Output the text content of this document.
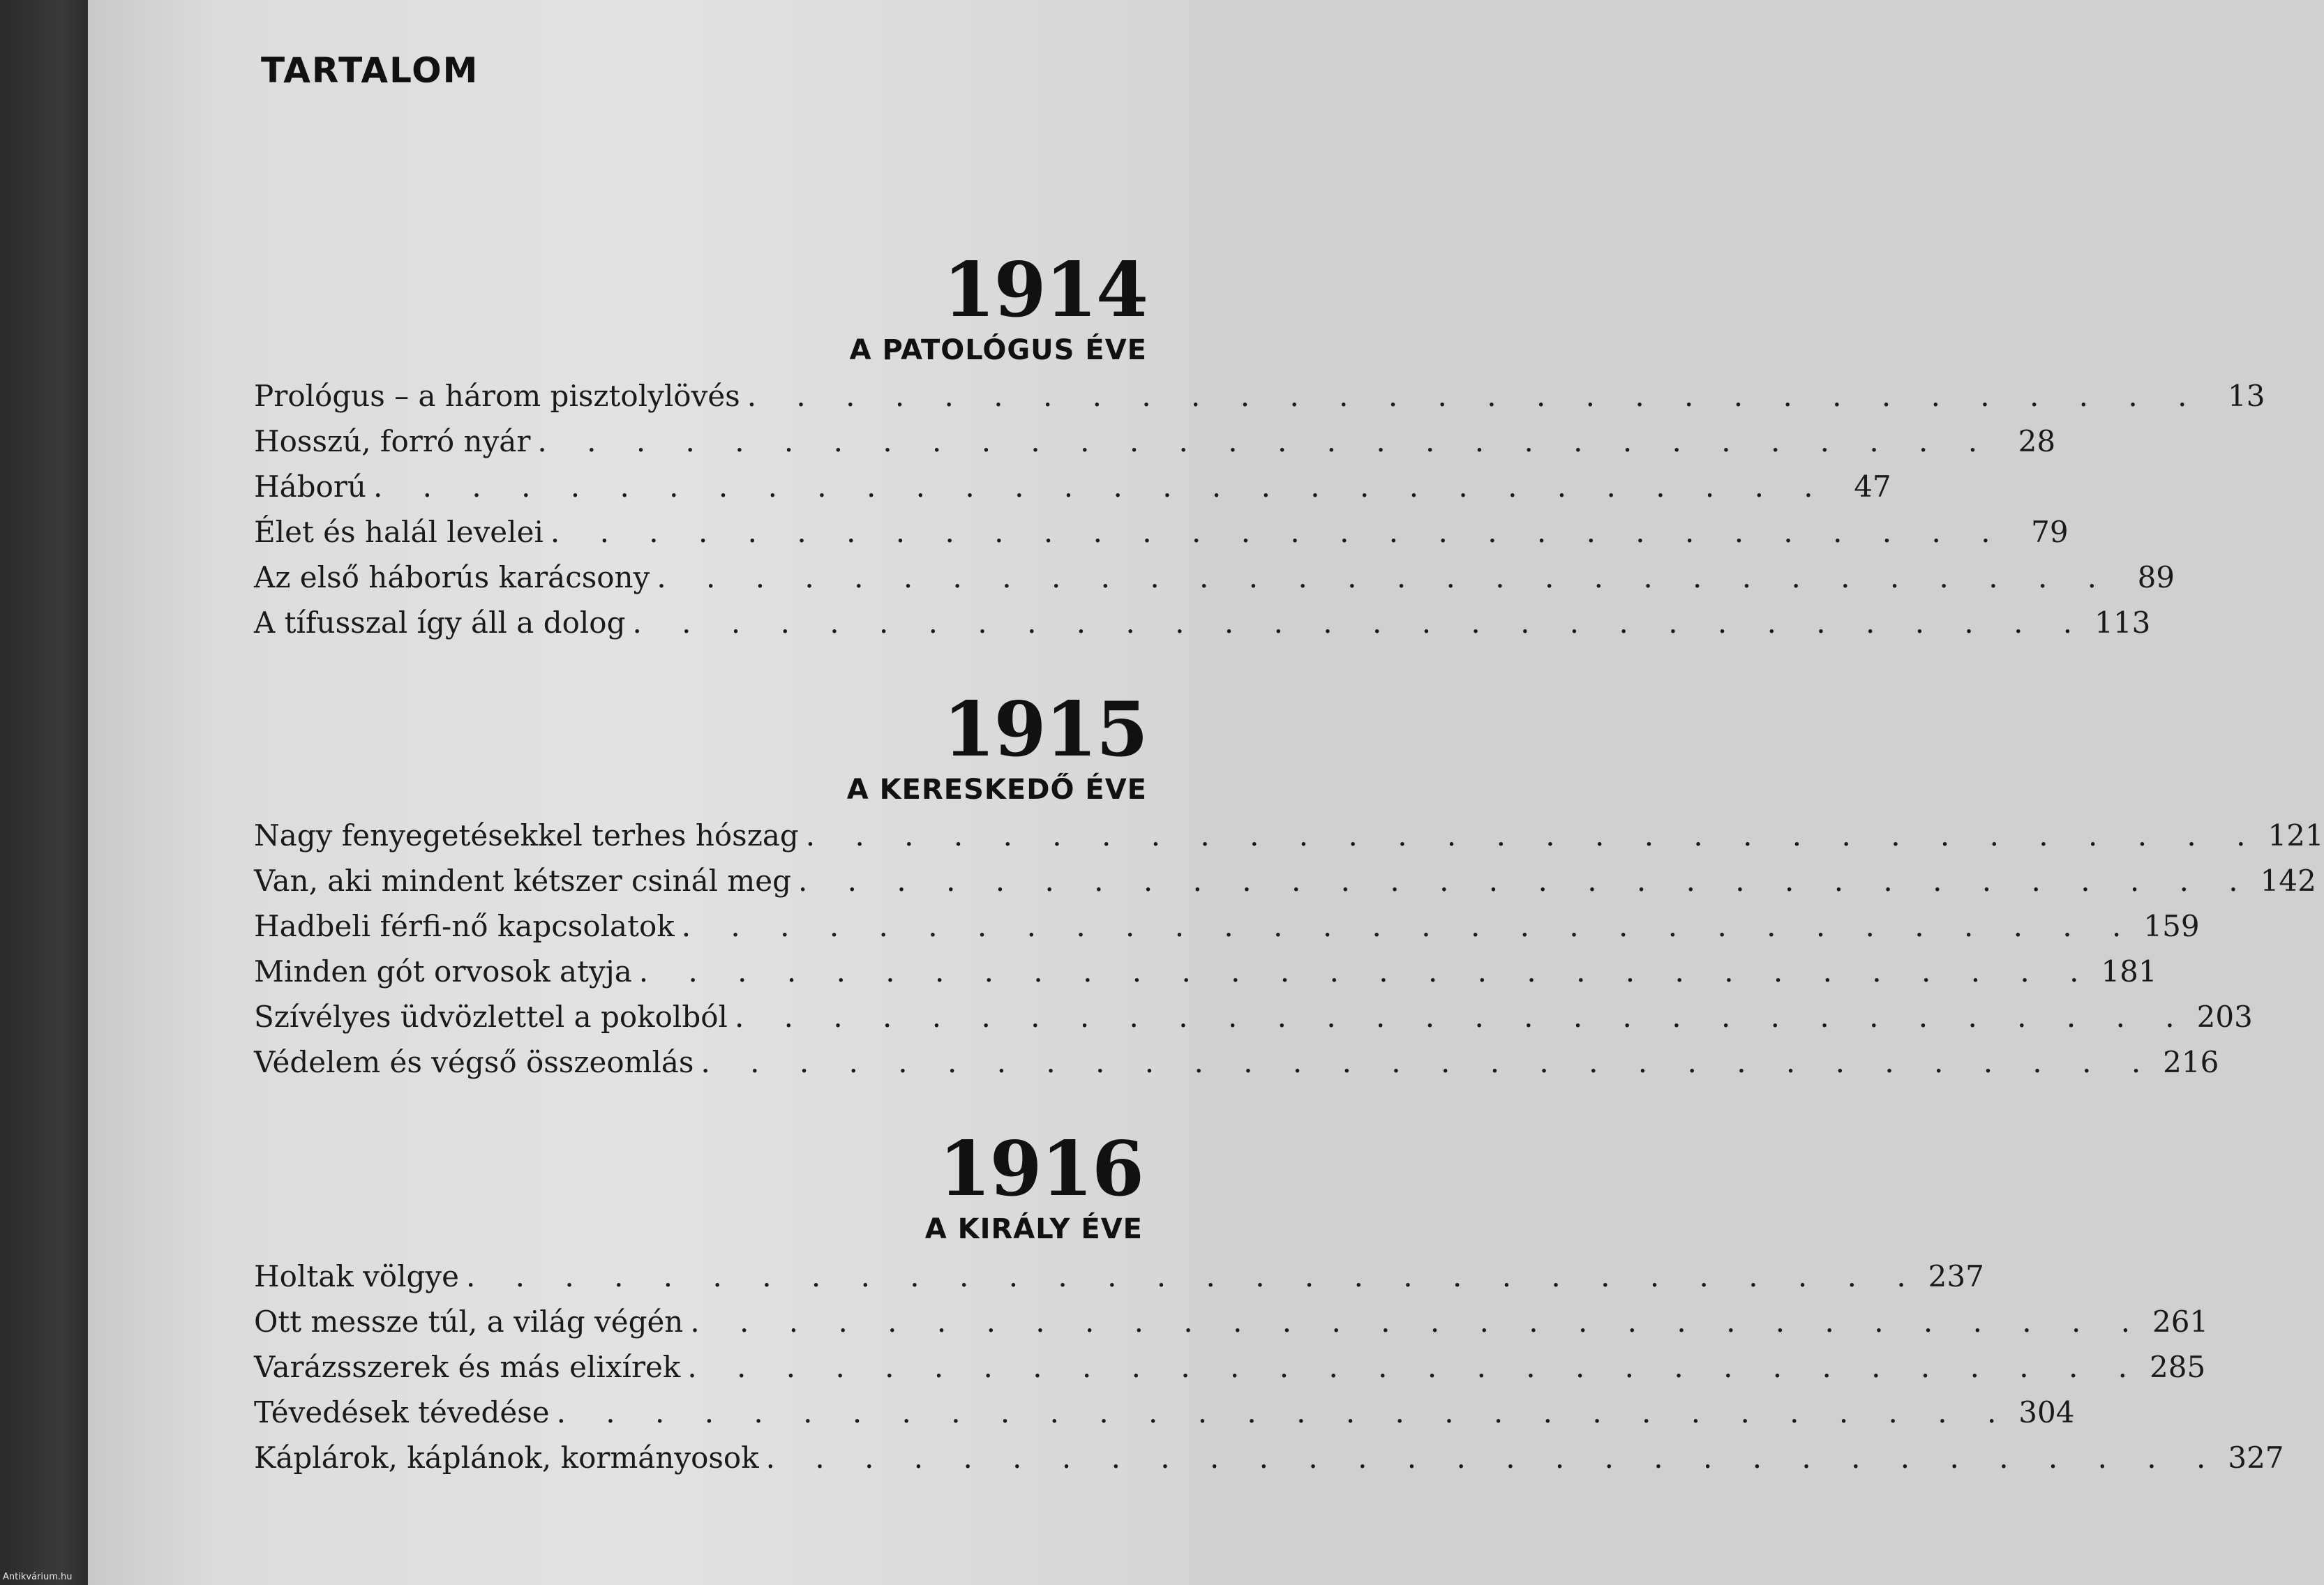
TARTALOM
1914
A PATOLÓGUS ÉVE
Prológus – a három pisztolylövés . . . . . . . . . . . . . . . . . . . . . . . . . . . . . . 13
Hosszú, forró nyár . . . . . . . . . . . . . . . . . . . . . . . . . . . . . . 28
Háború . . . . . . . . . . . . . . . . . . . . . . . . . . . . . . 47
Élet és halál levelei . . . . . . . . . . . . . . . . . . . . . . . . . . . . . . 79
Az első háborús karácsony . . . . . . . . . . . . . . . . . . . . . . . . . . . . . . 89
A tífusszal így áll a dolog . . . . . . . . . . . . . . . . . . . . . . . . . . . . . . 113
1915
A KERESKEDŐ ÉVE
Nagy fenyegetésekkel terhes hószag . . . . . . . . . . . . . . . . . . . . . . . . . . . . . . 121
Van, aki mindent kétszer csinál meg . . . . . . . . . . . . . . . . . . . . . . . . . . . . . . 142
Hadbeli férfi-nő kapcsolatok . . . . . . . . . . . . . . . . . . . . . . . . . . . . . . 159
Minden gót orvosok atyja . . . . . . . . . . . . . . . . . . . . . . . . . . . . . . 181
Szívélyes üdvözlettel a pokolból . . . . . . . . . . . . . . . . . . . . . . . . . . . . . . 203
Védelem és végső összeomlás . . . . . . . . . . . . . . . . . . . . . . . . . . . . . . 216
1916
A KIRÁLY ÉVE
Holtak völgye . . . . . . . . . . . . . . . . . . . . . . . . . . . . . . 237
Ott messze túl, a világ végén . . . . . . . . . . . . . . . . . . . . . . . . . . . . . . 261
Varázsszerek és más elixírek . . . . . . . . . . . . . . . . . . . . . . . . . . . . . . 285
Tévedések tévedése . . . . . . . . . . . . . . . . . . . . . . . . . . . . . . 304
Káplárok, káplánok, kormányosok . . . . . . . . . . . . . . . . . . . . . . . . . . . . . . 327
Antikvárium.hu
